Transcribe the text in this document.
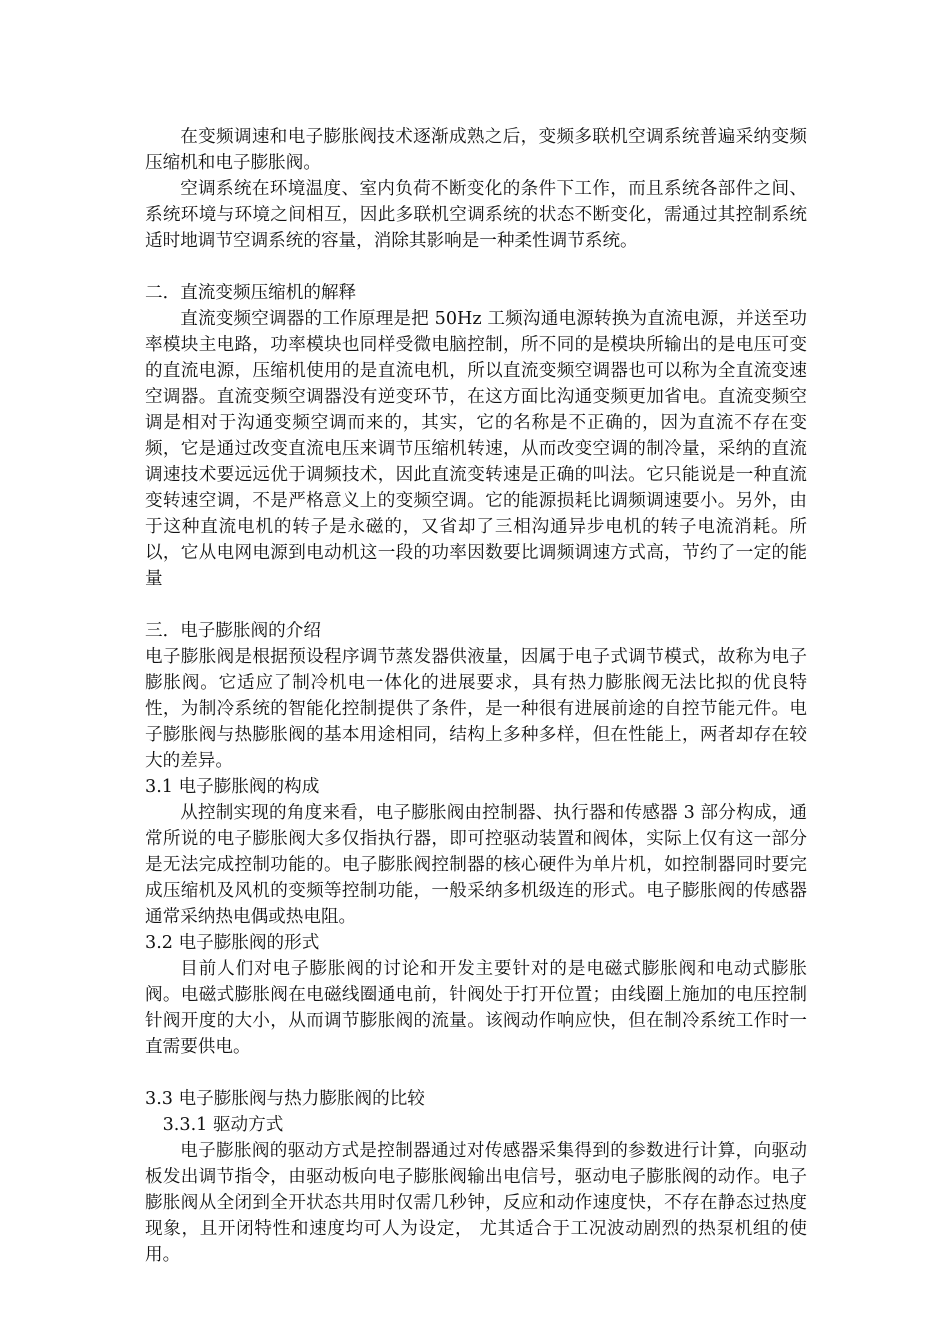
在变频调速和电子膨胀阀技术逐渐成熟之后，变频多联机空调系统普遍采纳变频压缩机和电子膨胀阀。

空调系统在环境温度、室内负荷不断变化的条件下工作，而且系统各部件之间、系统环境与环境之间相互，因此多联机空调系统的状态不断变化，需通过其控制系统适时地调节空调系统的容量，消除其影响是一种柔性调节系统。

二．直流变频压缩机的解释

直流变频空调器的工作原理是把 50Hz 工频沟通电源转换为直流电源，并送至功率模块主电路，功率模块也同样受微电脑控制，所不同的是模块所输出的是电压可变的直流电源，压缩机使用的是直流电机，所以直流变频空调器也可以称为全直流变速空调器。直流变频空调器没有逆变环节，在这方面比沟通变频更加省电。直流变频空调是相对于沟通变频空调而来的，其实，它的名称是不正确的，因为直流不存在变频，它是通过改变直流电压来调节压缩机转速，从而改变空调的制冷量，采纳的直流调速技术要远远优于调频技术，因此直流变转速是正确的叫法。它只能说是一种直流变转速空调，不是严格意义上的变频空调。它的能源损耗比调频调速要小。另外，由于这种直流电机的转子是永磁的，又省却了三相沟通异步电机的转子电流消耗。所以，它从电网电源到电动机这一段的功率因数要比调频调速方式高，节约了一定的能量

三．电子膨胀阀的介绍

电子膨胀阀是根据预设程序调节蒸发器供液量，因属于电子式调节模式，故称为电子膨胀阀。它适应了制冷机电一体化的进展要求，具有热力膨胀阀无法比拟的优良特性，为制冷系统的智能化控制提供了条件，是一种很有进展前途的自控节能元件。电子膨胀阀与热膨胀阀的基本用途相同，结构上多种多样，但在性能上，两者却存在较大的差异。

3.1 电子膨胀阀的构成

从控制实现的角度来看，电子膨胀阀由控制器、执行器和传感器 3 部分构成，通常所说的电子膨胀阀大多仅指执行器，即可控驱动装置和阀体，实际上仅有这一部分是无法完成控制功能的。电子膨胀阀控制器的核心硬件为单片机，如控制器同时要完成压缩机及风机的变频等控制功能，一般采纳多机级连的形式。电子膨胀阀的传感器通常采纳热电偶或热电阻。

3.2 电子膨胀阀的形式

目前人们对电子膨胀阀的讨论和开发主要针对的是电磁式膨胀阀和电动式膨胀阀。电磁式膨胀阀在电磁线圈通电前，针阀处于打开位置；由线圈上施加的电压控制针阀开度的大小，从而调节膨胀阀的流量。该阀动作响应快，但在制冷系统工作时一直需要供电。

3.3 电子膨胀阀与热力膨胀阀的比较

3.3.1 驱动方式

电子膨胀阀的驱动方式是控制器通过对传感器采集得到的参数进行计算，向驱动板发出调节指令，由驱动板向电子膨胀阀输出电信号，驱动电子膨胀阀的动作。电子膨胀阀从全闭到全开状态共用时仅需几秒钟，反应和动作速度快，不存在静态过热度现象，且开闭特性和速度均可人为设定， 尤其适合于工况波动剧烈的热泵机组的使用。
